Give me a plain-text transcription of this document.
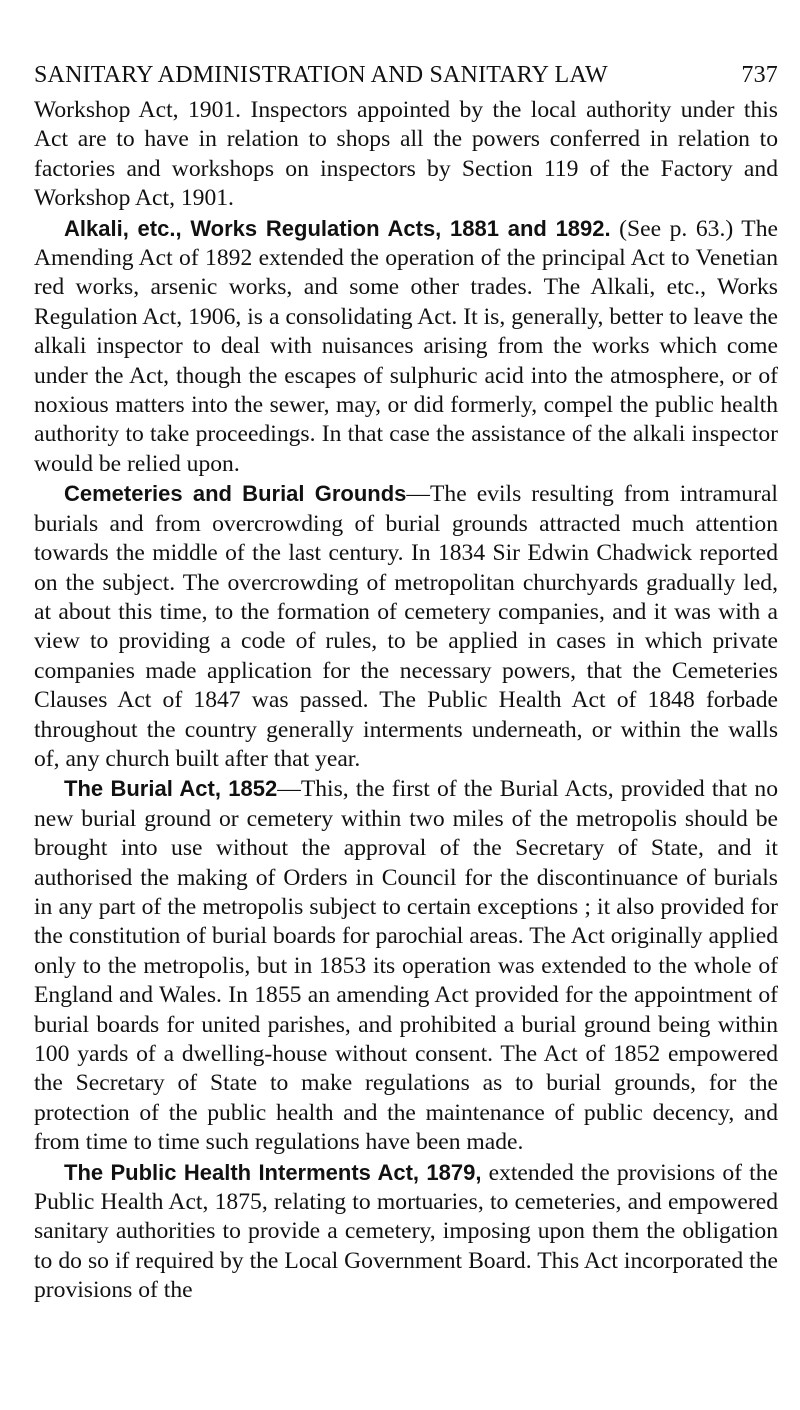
SANITARY ADMINISTRATION AND SANITARY LAW	737

Workshop Act, 1901. Inspectors appointed by the local authority under this Act are to have in relation to shops all the powers conferred in relation to factories and workshops on inspectors by Section 119 of the Factory and Workshop Act, 1901.

Alkali, etc., Works Regulation Acts, 1881 and 1892. (See p. 63.) The Amending Act of 1892 extended the operation of the principal Act to Venetian red works, arsenic works, and some other trades. The Alkali, etc., Works Regulation Act, 1906, is a consolidating Act. It is, generally, better to leave the alkali inspector to deal with nuisances arising from the works which come under the Act, though the escapes of sulphuric acid into the atmosphere, or of noxious matters into the sewer, may, or did formerly, compel the public health authority to take proceedings. In that case the assistance of the alkali inspector would be relied upon.

Cemeteries and Burial Grounds—The evils resulting from intramural burials and from overcrowding of burial grounds attracted much attention towards the middle of the last century. In 1834 Sir Edwin Chadwick reported on the subject. The overcrowding of metropolitan churchyards gradually led, at about this time, to the formation of cemetery companies, and it was with a view to providing a code of rules, to be applied in cases in which private companies made application for the necessary powers, that the Cemeteries Clauses Act of 1847 was passed. The Public Health Act of 1848 forbade throughout the country generally interments underneath, or within the walls of, any church built after that year.

The Burial Act, 1852—This, the first of the Burial Acts, provided that no new burial ground or cemetery within two miles of the metropolis should be brought into use without the approval of the Secretary of State, and it authorised the making of Orders in Council for the discontinuance of burials in any part of the metropolis subject to certain exceptions ; it also provided for the constitution of burial boards for parochial areas. The Act originally applied only to the metropolis, but in 1853 its operation was extended to the whole of England and Wales. In 1855 an amending Act provided for the appointment of burial boards for united parishes, and prohibited a burial ground being within 100 yards of a dwelling-house without consent. The Act of 1852 empowered the Secretary of State to make regulations as to burial grounds, for the protection of the public health and the maintenance of public decency, and from time to time such regulations have been made.

The Public Health Interments Act, 1879, extended the provisions of the Public Health Act, 1875, relating to mortuaries, to cemeteries, and empowered sanitary authorities to provide a cemetery, imposing upon them the obligation to do so if required by the Local Government Board. This Act incorporated the provisions of the
